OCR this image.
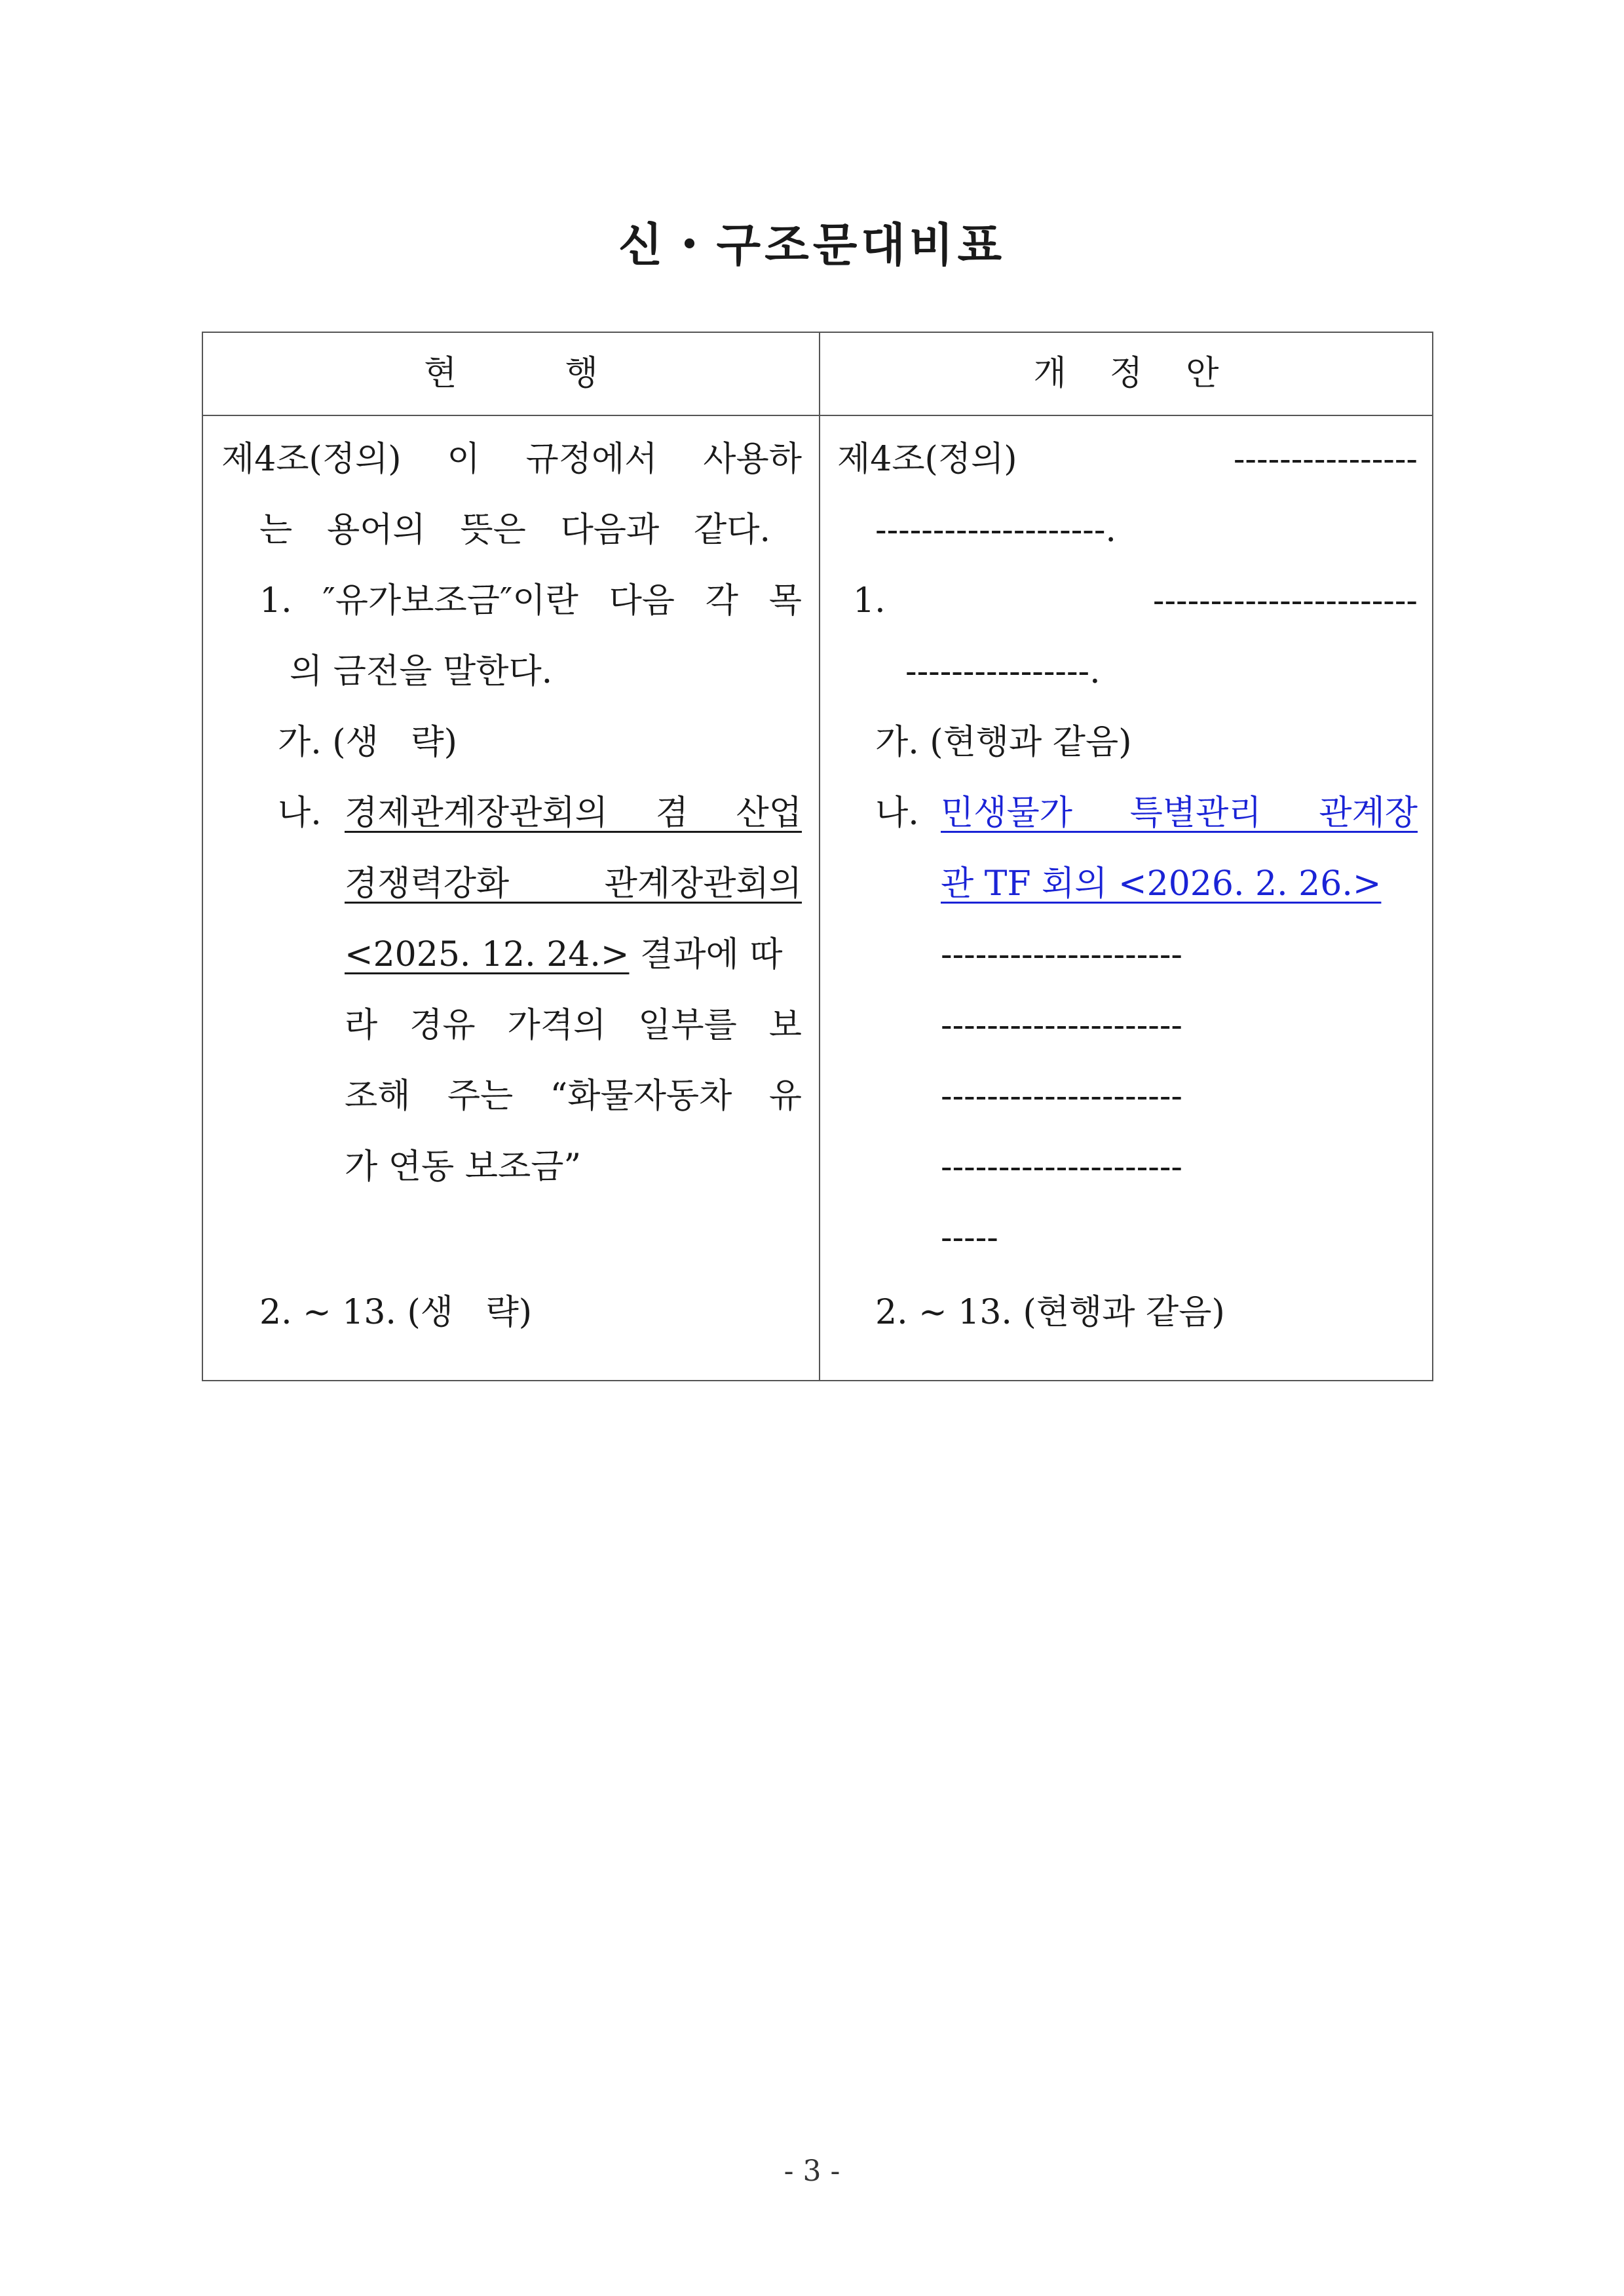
신・구조문대비표
현          행	개    정    안
제4조(정의) 이 규정에서 사용하
는 용어의 뜻은 다음과 같다.
1. ″유가보조금″이란 다음 각 목
의 금전을 말한다.
가. (생   략)
나. 경제관계장관회의 겸 산업
경쟁력강화 관계장관회의
<2025. 12. 24.> 결과에 따
라 경유 가격의 일부를 보
조해 주는 “화물자동차 유
가 연동 보조금”
2. ∼ 13. (생   략)
제4조(정의) ----------------
--------------------.
1. -----------------------
----------------.
가. (현행과 같음)
나. 민생물가 특별관리 관계장
관 TF 회의 <2026. 2. 26.>
---------------------
---------------------
---------------------
---------------------
-----
2. ∼ 13. (현행과 같음)
- 3 -
